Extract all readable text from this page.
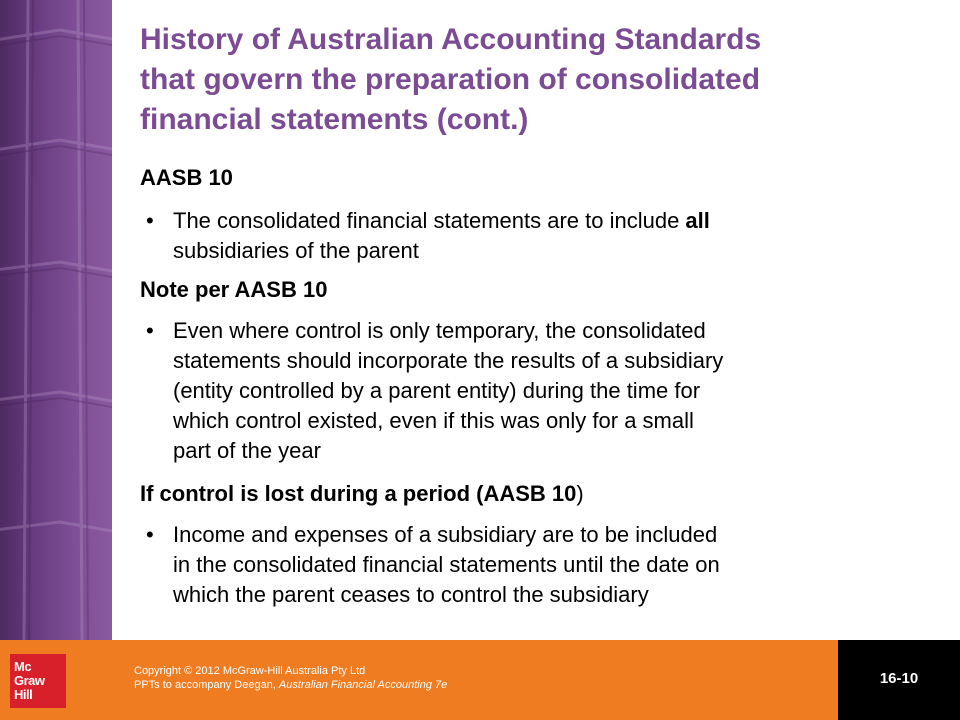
History of Australian Accounting Standards
that govern the preparation of consolidated
financial statements (cont.)
AASB 10
• The consolidated financial statements are to include all
subsidiaries of the parent
Note per AASB 10
• Even where control is only temporary, the consolidated
statements should incorporate the results of a subsidiary
(entity controlled by a parent entity) during the time for
which control existed, even if this was only for a small
part of the year
If control is lost during a period (AASB 10)
• Income and expenses of a subsidiary are to be included
in the consolidated financial statements until the date on
which the parent ceases to control the subsidiary
Mc
Graw
Hill
Copyright © 2012 McGraw-Hill Australia Pty Ltd
PPTs to accompany Deegan, Australian Financial Accounting 7e	16-10
